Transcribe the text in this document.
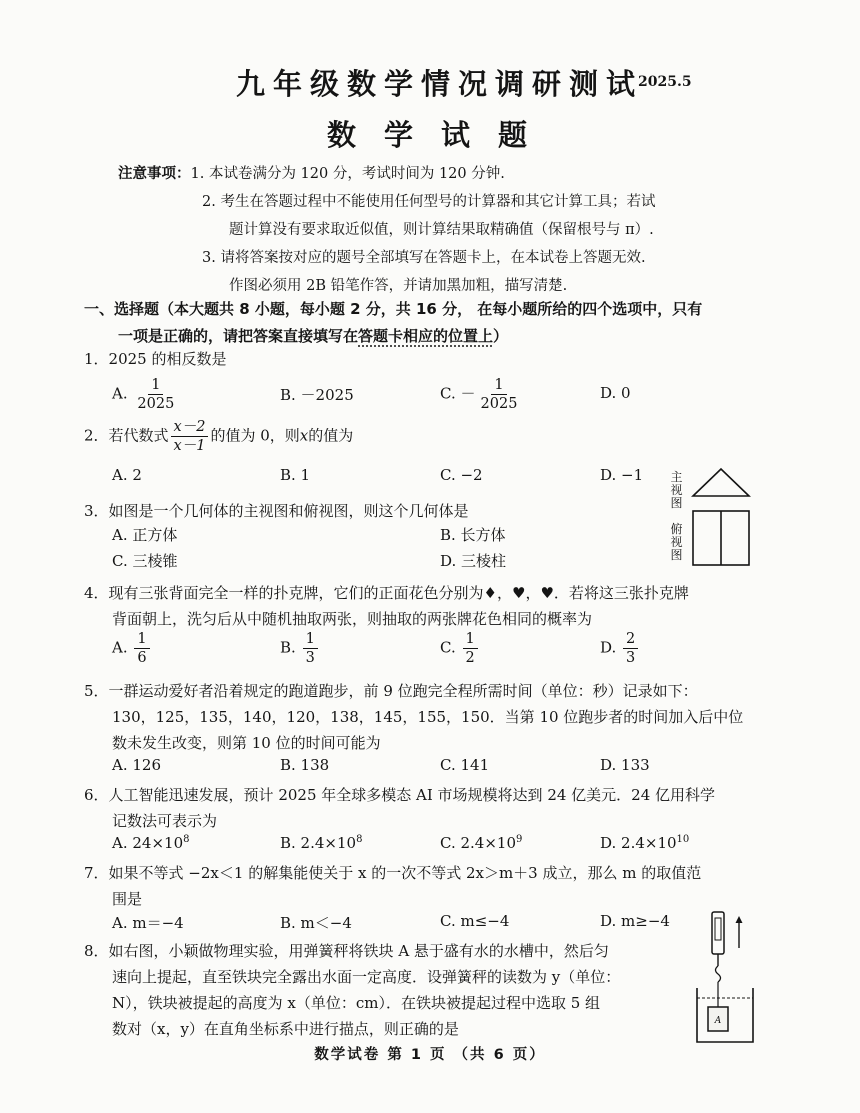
九年级数学情况调研测试
2025.5
数学试题
注意事项：1. 本试卷满分为 120 分，考试时间为 120 分钟.
2. 考生在答题过程中不能使用任何型号的计算器和其它计算工具；若试
题计算没有要求取近似值，则计算结果取精确值（保留根号与 π）.
3. 请将答案按对应的题号全部填写在答题卡上，在本试卷上答题无效.
作图必须用 2B 铅笔作答，并请加黑加粗，描写清楚.
一、选择题（本大题共 8 小题，每小题 2 分，共 16 分， 在每小题所给的四个选项中，只有
一项是正确的，请把答案直接填写在答题卡相应的位置上）
1．2025 的相反数是
A. $\frac{1}{2025}$	B. －2025	C. － $\frac{1}{2025}$	D. 0
2．若代数式 $\frac{x-2}{x-1}$ 的值为 0，则x的值为
A. 2	B. 1	C. −2	D. −1
3．如图是一个几何体的主视图和俯视图，则这个几何体是
A. 正方体	B. 长方体
C. 三棱锥	D. 三棱柱
主视图
俯视图
4．现有三张背面完全一样的扑克牌，它们的正面花色分别为♦，♥，♥．若将这三张扑克牌
背面朝上，洗匀后从中随机抽取两张，则抽取的两张牌花色相同的概率为
A. $\frac{1}{6}$	B. $\frac{1}{3}$	C. $\frac{1}{2}$	D. $\frac{2}{3}$
5．一群运动爱好者沿着规定的跑道跑步，前 9 位跑完全程所需时间（单位：秒）记录如下：
130，125，135，140，120，138，145，155，150．当第 10 位跑步者的时间加入后中位
数未发生改变，则第 10 位的时间可能为
A. 126	B. 138	C. 141	D. 133
6．人工智能迅速发展，预计 2025 年全球多模态 AI 市场规模将达到 24 亿美元．24 亿用科学
记数法可表示为
A. $24\times 10^8$	B. $2.4\times 10^8$	C. $2.4\times 10^9$	D. $2.4\times 10^{10}$
7．如果不等式 −2x＜1 的解集能使关于 x 的一次不等式 2x＞m＋3 成立，那么 m 的取值范
围是
A. m＝−4	B. m＜−4	C. m≤−4	D. m≥−4
8．如右图，小颖做物理实验，用弹簧秤将铁块 A 悬于盛有水的水槽中，然后匀
速向上提起，直至铁块完全露出水面一定高度．设弹簧秤的读数为 y（单位：
N），铁块被提起的高度为 x（单位：cm）．在铁块被提起过程中选取 5 组
数对（x，y）在直角坐标系中进行描点，则正确的是	A
数学试卷 第 1 页 （共 6 页）
